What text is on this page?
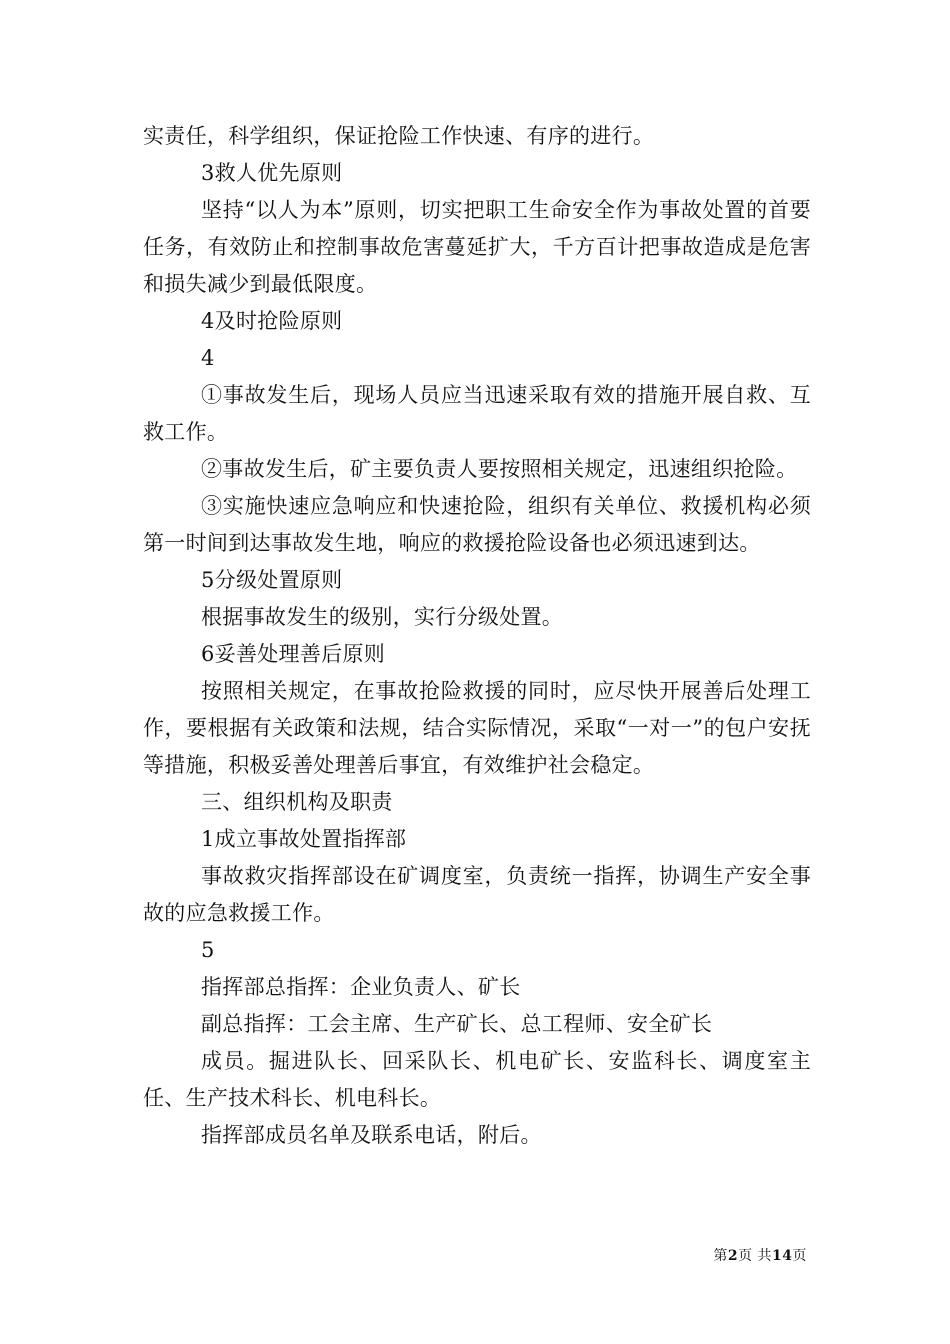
实责任，科学组织，保证抢险工作快速、有序的进行。

3救人优先原则

坚持“以人为本”原则，切实把职工生命安全作为事故处置的首要任务，有效防止和控制事故危害蔓延扩大，千方百计把事故造成是危害和损失减少到最低限度。

4及时抢险原则

4

①事故发生后，现场人员应当迅速采取有效的措施开展自救、互救工作。

②事故发生后，矿主要负责人要按照相关规定，迅速组织抢险。

③实施快速应急响应和快速抢险，组织有关单位、救援机构必须第一时间到达事故发生地，响应的救援抢险设备也必须迅速到达。

5分级处置原则

根据事故发生的级别，实行分级处置。

6妥善处理善后原则

按照相关规定，在事故抢险救援的同时，应尽快开展善后处理工作，要根据有关政策和法规，结合实际情况，采取“一对一”的包户安抚等措施，积极妥善处理善后事宜，有效维护社会稳定。

三、组织机构及职责

1成立事故处置指挥部

事故救灾指挥部设在矿调度室，负责统一指挥，协调生产安全事故的应急救援工作。

5

指挥部总指挥：企业负责人、矿长

副总指挥：工会主席、生产矿长、总工程师、安全矿长

成员。掘进队长、回采队长、机电矿长、安监科长、调度室主任、生产技术科长、机电科长。

指挥部成员名单及联系电话，附后。

第2页 共14页
